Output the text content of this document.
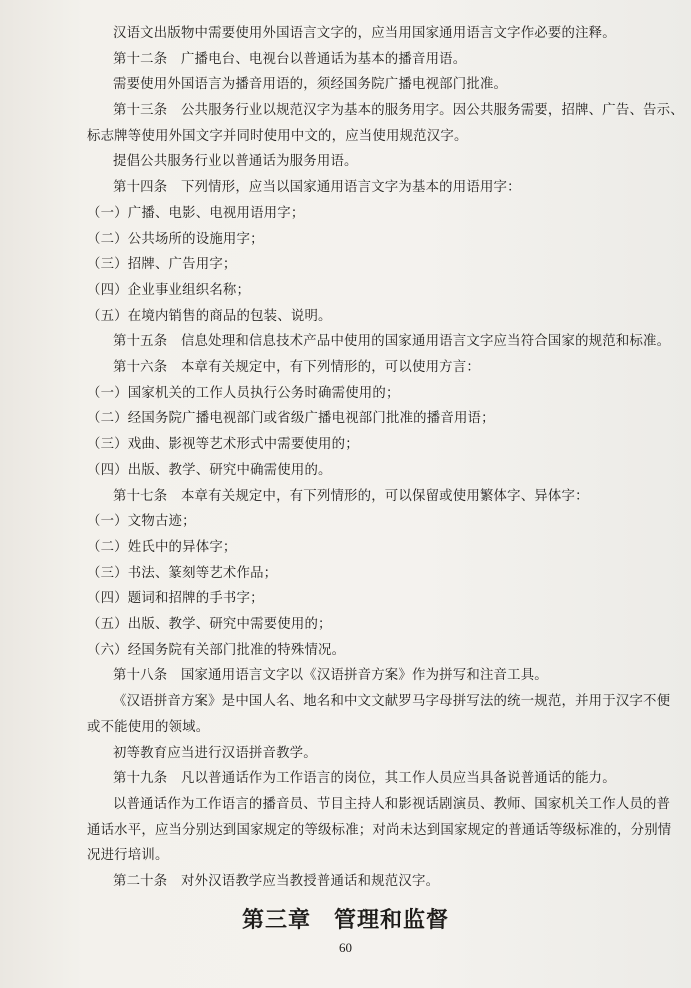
汉语文出版物中需要使用外国语言文字的，应当用国家通用语言文字作必要的注释。
第十二条　广播电台、电视台以普通话为基本的播音用语。
需要使用外国语言为播音用语的，须经国务院广播电视部门批准。
第十三条　公共服务行业以规范汉字为基本的服务用字。因公共服务需要，招牌、广告、告示、
标志牌等使用外国文字并同时使用中文的，应当使用规范汉字。
提倡公共服务行业以普通话为服务用语。
第十四条　下列情形，应当以国家通用语言文字为基本的用语用字：
（一）广播、电影、电视用语用字；
（二）公共场所的设施用字；
（三）招牌、广告用字；
（四）企业事业组织名称；
（五）在境内销售的商品的包装、说明。
第十五条　信息处理和信息技术产品中使用的国家通用语言文字应当符合国家的规范和标准。
第十六条　本章有关规定中，有下列情形的，可以使用方言：
（一）国家机关的工作人员执行公务时确需使用的；
（二）经国务院广播电视部门或省级广播电视部门批准的播音用语；
（三）戏曲、影视等艺术形式中需要使用的；
（四）出版、教学、研究中确需使用的。
第十七条　本章有关规定中，有下列情形的，可以保留或使用繁体字、异体字：
（一）文物古迹；
（二）姓氏中的异体字；
（三）书法、篆刻等艺术作品；
（四）题词和招牌的手书字；
（五）出版、教学、研究中需要使用的；
（六）经国务院有关部门批准的特殊情况。
第十八条　国家通用语言文字以《汉语拼音方案》作为拼写和注音工具。
《汉语拼音方案》是中国人名、地名和中文文献罗马字母拼写法的统一规范，并用于汉字不便
或不能使用的领域。
初等教育应当进行汉语拼音教学。
第十九条　凡以普通话作为工作语言的岗位，其工作人员应当具备说普通话的能力。
以普通话作为工作语言的播音员、节目主持人和影视话剧演员、教师、国家机关工作人员的普
通话水平，应当分别达到国家规定的等级标准；对尚未达到国家规定的普通话等级标准的，分别情
况进行培训。
第二十条　对外汉语教学应当教授普通话和规范汉字。
第三章　管理和监督
60
